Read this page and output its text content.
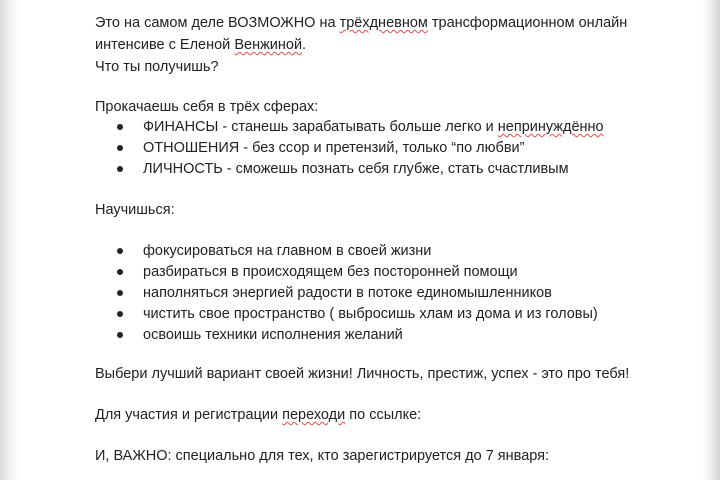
Это на самом деле ВОЗМОЖНО на трёхдневном трансформационном онлайн
интенсиве с Еленой Венжиной.
Что ты получишь?
Прокачаешь себя в трёх сферах:
ФИНАНСЫ - станешь зарабатывать больше легко и непринуждённо
ОТНОШЕНИЯ - без ссор и претензий, только “по любви”
ЛИЧНОСТЬ - сможешь познать себя глубже, стать счастливым
Научишься:
фокусироваться на главном в своей жизни
разбираться в происходящем без посторонней помощи
наполняться энергией радости в потоке единомышленников
чистить свое пространство ( выбросишь хлам из дома и из головы)
освоишь техники исполнения желаний
Выбери лучший вариант своей жизни! Личность, престиж, успех - это про тебя!
Для участия и регистрации переходи по ссылке:
И, ВАЖНО: специально для тех, кто зарегистрируется до 7 января:
